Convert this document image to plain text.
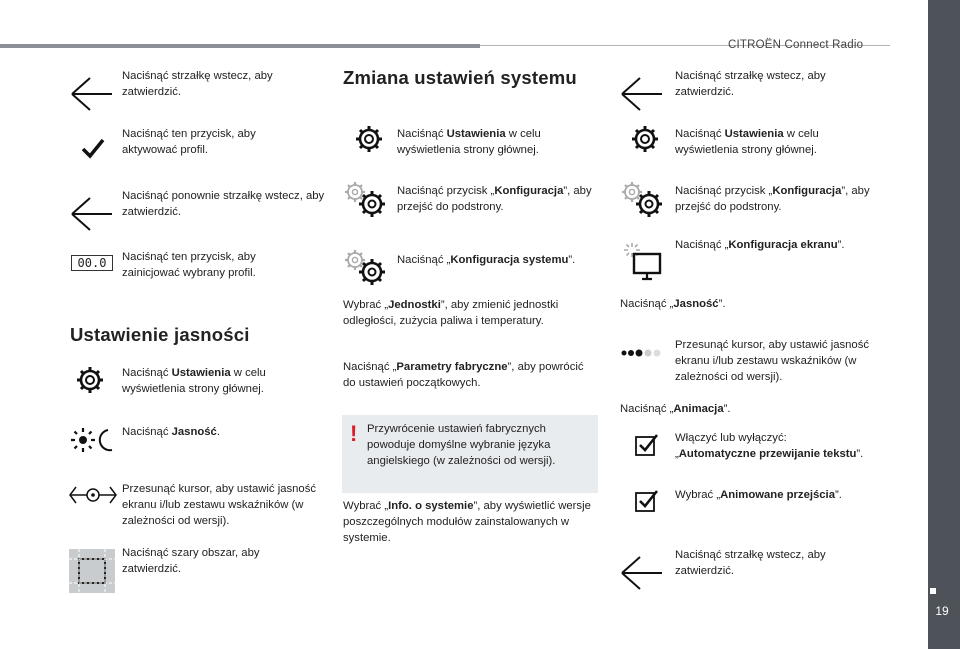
CITROËN Connect Radio
19
Naciśnąć strzałkę wstecz, aby zatwierdzić.
Naciśnąć ten przycisk, aby aktywować profil.
Naciśnąć ponownie strzałkę wstecz, aby zatwierdzić.
00.0	Naciśnąć ten przycisk, aby zainicjować wybrany profil.
Ustawienie jasności
Naciśnąć Ustawienia w celu wyświetlenia strony głównej.
Naciśnąć Jasność.
Przesunąć kursor, aby ustawić jasność ekranu i/lub zestawu wskaźników (w zależności od wersji).
Naciśnąć szary obszar, aby zatwierdzić.
Zmiana ustawień systemu
Naciśnąć Ustawienia w celu wyświetlenia strony głównej.
Naciśnąć przycisk „Konfiguracja”, aby przejść do podstrony.
Naciśnąć „Konfiguracja systemu”.
Wybrać „Jednostki”, aby zmienić jednostki odległości, zużycia paliwa i temperatury.
Naciśnąć „Parametry fabryczne”, aby powrócić do ustawień początkowych.
! Przywrócenie ustawień fabrycznych powoduje domyślne wybranie języka angielskiego (w zależności od wersji).
Wybrać „Info. o systemie”, aby wyświetlić wersje poszczególnych modułów zainstalowanych w systemie.
Naciśnąć strzałkę wstecz, aby zatwierdzić.
Naciśnąć Ustawienia w celu wyświetlenia strony głównej.
Naciśnąć przycisk „Konfiguracja”, aby przejść do podstrony.
Naciśnąć „Konfiguracja ekranu”.
Naciśnąć „Jasność”.
Przesunąć kursor, aby ustawić jasność ekranu i/lub zestawu wskaźników (w zależności od wersji).
Naciśnąć „Animacja”.
Włączyć lub wyłączyć: „Automatyczne przewijanie tekstu”.
Wybrać „Animowane przejścia”.
Naciśnąć strzałkę wstecz, aby zatwierdzić.
